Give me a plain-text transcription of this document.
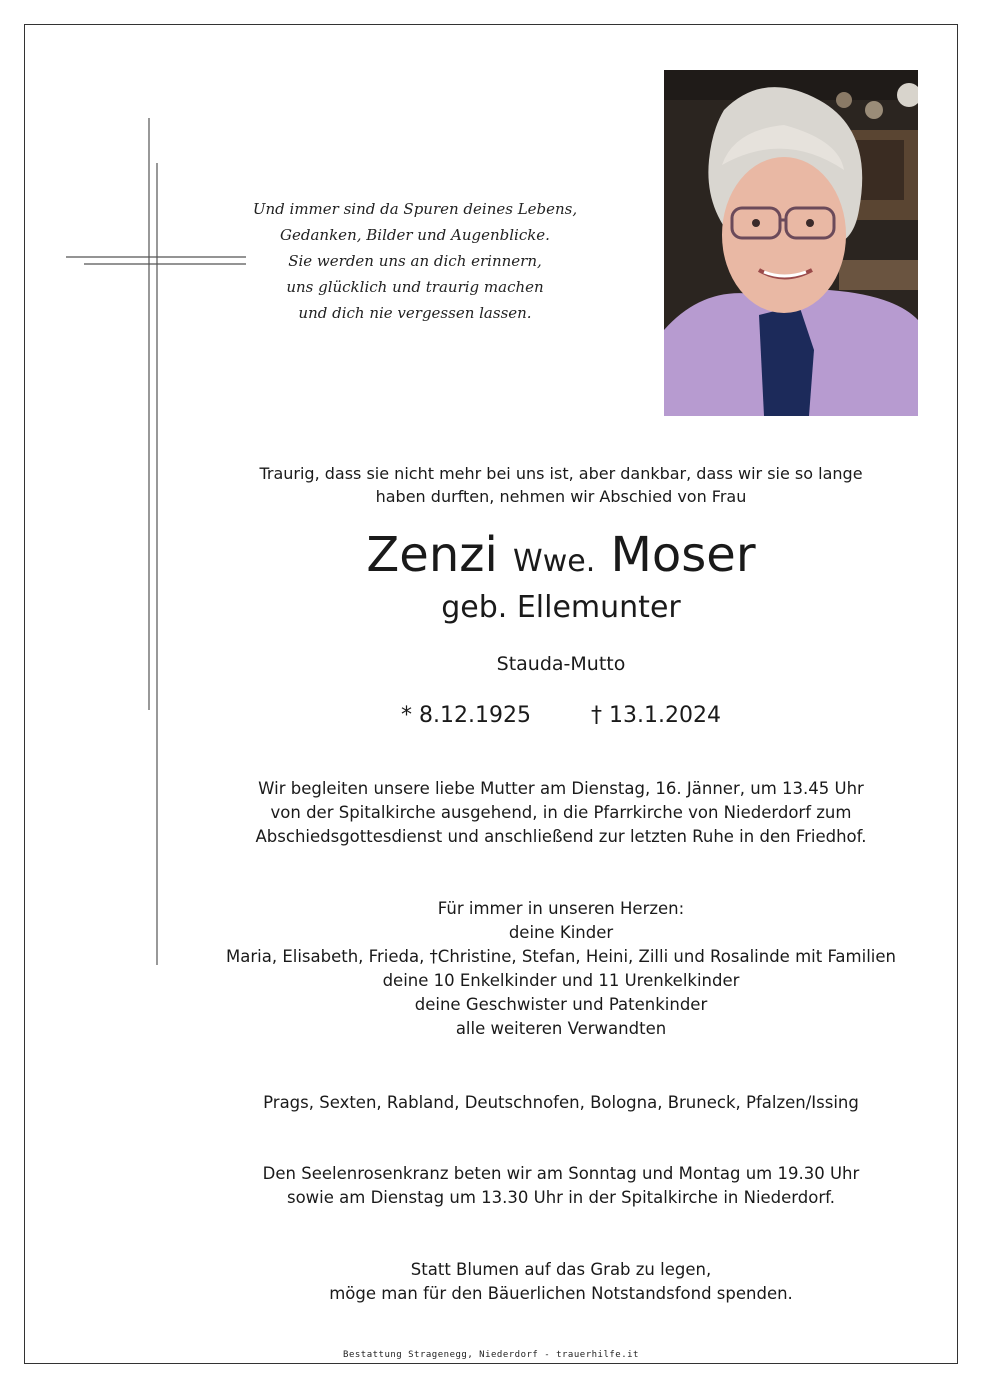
Und immer sind da Spuren deines Lebens,
Gedanken, Bilder und Augenblicke.
Sie werden uns an dich erinnern,
uns glücklich und traurig machen
und dich nie vergessen lassen.
Traurig, dass sie nicht mehr bei uns ist, aber dankbar, dass wir sie so lange
haben durften, nehmen wir Abschied von Frau
Zenzi Wwe. Moser
geb. Ellemunter
Stauda-Mutto
* 8.12.1925	† 13.1.2024
Wir begleiten unsere liebe Mutter am Dienstag, 16. Jänner, um 13.45 Uhr
von der Spitalkirche ausgehend, in die Pfarrkirche von Niederdorf zum
Abschiedsgottesdienst und anschließend zur letzten Ruhe in den Friedhof.
Für immer in unseren Herzen:
deine Kinder
Maria, Elisabeth, Frieda, †Christine, Stefan, Heini, Zilli und Rosalinde mit Familien
deine 10 Enkelkinder und 11 Urenkelkinder
deine Geschwister und Patenkinder
alle weiteren Verwandten
Prags, Sexten, Rabland, Deutschnofen, Bologna, Bruneck, Pfalzen/Issing
Den Seelenrosenkranz beten wir am Sonntag und Montag um 19.30 Uhr
sowie am Dienstag um 13.30 Uhr in der Spitalkirche in Niederdorf.
Statt Blumen auf das Grab zu legen,
möge man für den Bäuerlichen Notstandsfond spenden.
Bestattung Stragenegg, Niederdorf - trauerhilfe.it
